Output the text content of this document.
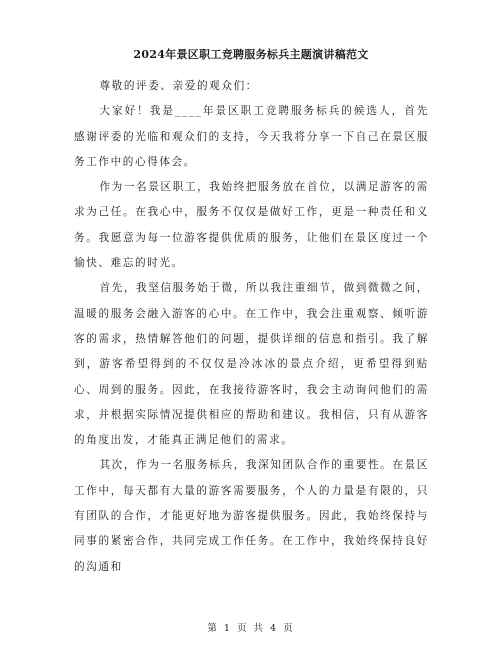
2024年景区职工竞聘服务标兵主题演讲稿范文

尊敬的评委、亲爱的观众们：

大家好！我是____年景区职工竞聘服务标兵的候选人，首先感谢评委的光临和观众们的支持，今天我将分享一下自己在景区服务工作中的心得体会。

作为一名景区职工，我始终把服务放在首位，以满足游客的需求为己任。在我心中，服务不仅仅是做好工作，更是一种责任和义务。我愿意为每一位游客提供优质的服务，让他们在景区度过一个愉快、难忘的时光。

首先，我坚信服务始于微，所以我注重细节，做到微微之间，温暖的服务会融入游客的心中。在工作中，我会注重观察、倾听游客的需求，热情解答他们的问题，提供详细的信息和指引。我了解到，游客希望得到的不仅仅是冷冰冰的景点介绍，更希望得到贴心、周到的服务。因此，在我接待游客时，我会主动询问他们的需求，并根据实际情况提供相应的帮助和建议。我相信，只有从游客的角度出发，才能真正满足他们的需求。

其次，作为一名服务标兵，我深知团队合作的重要性。在景区工作中，每天都有大量的游客需要服务，个人的力量是有限的，只有团队的合作，才能更好地为游客提供服务。因此，我始终保持与同事的紧密合作，共同完成工作任务。在工作中，我始终保持良好的沟通和

第 1 页 共 4 页
